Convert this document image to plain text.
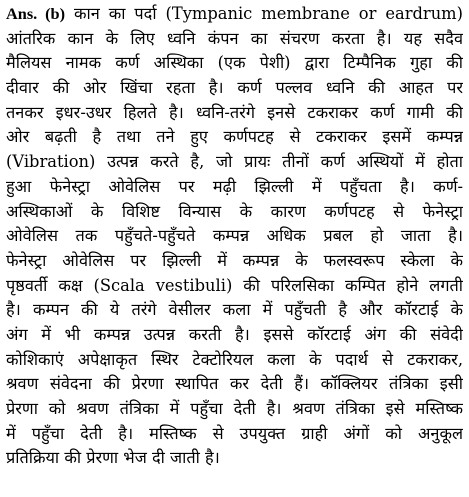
Ans. (b) कान का पर्दा (Tympanic membrane or eardrum)
आंतरिक कान के लिए ध्वनि कंपन का संचरण करता है। यह सदैव
मैलियस नामक कर्ण अस्थिका (एक पेशी) द्वारा टिम्पैनिक गुहा की
दीवार की ओर खिंचा रहता है। कर्ण पल्लव ध्वनि की आहत पर
तनकर इधर-उधर हिलते है। ध्वनि-तरंगे इनसे टकराकर कर्ण गामी की
ओर बढ़ती है तथा तने हुए कर्णपटह से टकराकर इसमें कम्पन्न
(Vibration) उत्पन्न करते है, जो प्रायः तीनों कर्ण अस्थियों में होता
हुआ फेनेस्ट्रा ओवेलिस पर मढ़ी झिल्ली में पहुँचता है। कर्ण-
अस्थिकाओं के विशिष्ट विन्यास के कारण कर्णपटह से फेनेस्ट्रा
ओवेलिस तक पहुँचते-पहुँचते कम्पन्न अधिक प्रबल हो जाता है।
फेनेस्ट्रा ओवेलिस पर झिल्ली में कम्पन्न के फलस्वरूप स्केला के
पृष्ठवर्ती कक्ष (Scala vestibuli) की परिलसिका कम्पित होने लगती
है। कम्पन की ये तरंगे वेसीलर कला में पहुँचती है और कॉरटाई के
अंग में भी कम्पन्न उत्पन्न करती है। इससे कॉरटाई अंग की संवेदी
कोशिकाएं अपेक्षाकृत स्थिर टेक्टोरियल कला के पदार्थ से टकराकर,
श्रवण संवेदना की प्रेरणा स्थापित कर देती हैं। कॉक्लियर तंत्रिका इसी
प्रेरणा को श्रवण तंत्रिका में पहुँचा देती है। श्रवण तंत्रिका इसे मस्तिष्क
में पहुँचा देती है। मस्तिष्क से उपयुक्त ग्राही अंगों को अनुकूल
प्रतिक्रिया की प्रेरणा भेज दी जाती है।
